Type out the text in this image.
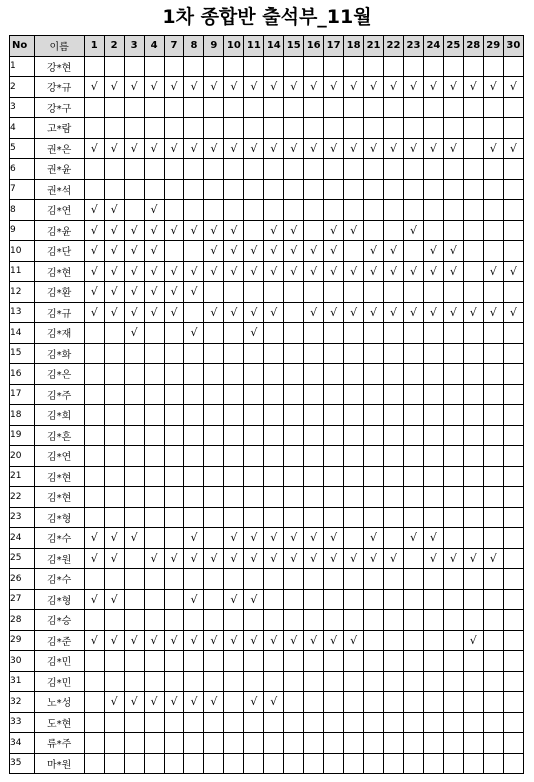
1차 종합반 출석부_11월
No	이름	1	2	3	4	7	8	9	10	11	14	15	16	17	18	21	22	23	24	25	28	29	30
1	강*현																						
2	강*규	√	√	√	√	√	√	√	√	√	√	√	√	√	√	√	√	√	√	√	√	√	√
3	강*구																						
4	고*람																						
5	권*은	√	√	√	√	√	√	√	√	√	√	√	√	√	√	√	√	√	√	√		√	√
6	권*윤																						
7	권*석																						
8	김*연	√	√		√																		
9	김*윤	√	√	√	√	√	√	√	√		√	√		√	√			√					
10	김*단	√	√	√	√			√	√	√	√	√	√	√		√	√		√	√			
11	김*현	√	√	√	√	√	√	√	√	√	√	√	√	√	√	√	√	√	√	√		√	√
12	김*환	√	√	√	√	√	√																
13	김*규	√	√	√	√	√		√	√	√	√		√	√	√	√	√	√	√	√	√	√	√
14	김*재			√			√			√													
15	김*화																						
16	김*은																						
17	김*주																						
18	김*희																						
19	김*흔																						
20	김*연																						
21	김*현																						
22	김*현																						
23	김*형																						
24	김*수	√	√	√			√		√	√	√	√	√	√		√		√	√				
25	김*원	√	√		√	√	√	√	√	√	√	√	√	√	√	√	√		√	√	√	√	
26	김*수																						
27	김*형	√	√				√		√	√													
28	김*승																						
29	김*준	√	√	√	√	√	√	√	√	√	√	√	√	√	√						√		
30	김*민																						
31	김*민																						
32	노*성		√	√	√	√	√	√		√	√												
33	도*현																						
34	류*주																						
35	마*원																						
